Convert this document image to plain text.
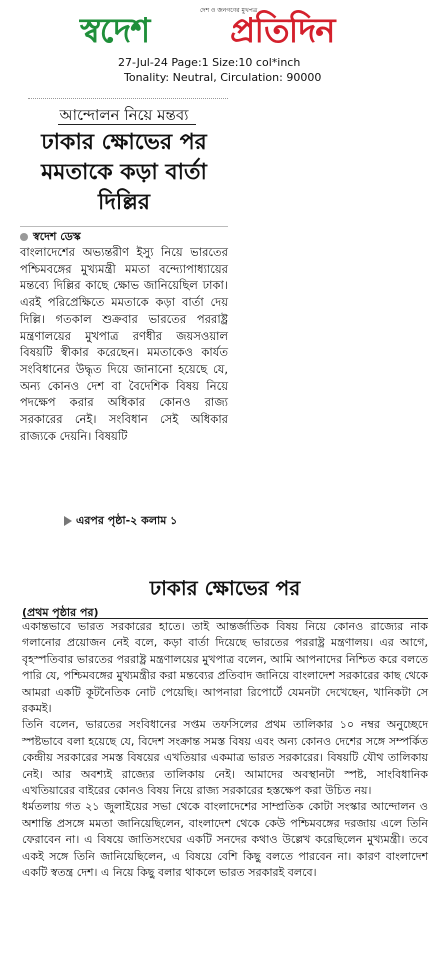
দেশ ও জনগণের মুখপত্র
স্বদেশ প্রতিদিন
27-Jul-24 Page:1 Size:10 col*inch
Tonality: Neutral, Circulation: 90000
আন্দোলন নিয়ে মন্তব্য
ঢাকার ক্ষোভের পর মমতাকে কড়া বার্তা দিল্লির
স্বদেশ ডেস্ক
বাংলাদেশের অভ্যন্তরীণ ইস্যু নিয়ে ভারতের পশ্চিমবঙ্গের মুখ্যমন্ত্রী মমতা বন্দ্যোপাধ্যায়ের মন্তব্যে দিল্লির কাছে ক্ষোভ জানিয়েছিল ঢাকা। এরই পরিপ্রেক্ষিতে মমতাকে কড়া বার্তা দেয় দিল্লি। গতকাল শুক্রবার ভারতের পররাষ্ট্র মন্ত্রণালয়ের মুখপাত্র রণধীর জয়সওয়াল বিষয়টি স্বীকার করেছেন। মমতাকেও কার্যত সংবিধানের উদ্ধৃত দিয়ে জানানো হয়েছে যে, অন্য কোনও দেশ বা বৈদেশিক বিষয় নিয়ে পদক্ষেপ করার অধিকার কোনও রাজ্য সরকারের নেই। সংবিধান সেই অধিকার রাজ্যকে দেয়নি। বিষয়টি
এরপর পৃষ্ঠা-২ কলাম ১
ঢাকার ক্ষোভের পর
(প্রথম পৃষ্ঠার পর)

একান্তভাবে ভারত সরকারের হাতে। তাই আন্তর্জাতিক বিষয় নিয়ে কোনও রাজ্যের নাক গলানোর প্রয়োজন নেই বলে, কড়া বার্তা দিয়েছে ভারতের পররাষ্ট্র মন্ত্রণালয়। এর আগে, বৃহস্পতিবার ভারতের পররাষ্ট্র মন্ত্রণালয়ের মুখপাত্র বলেন, আমি আপনাদের নিশ্চিত করে বলতে পারি যে, পশ্চিমবঙ্গের মুখ্যমন্ত্রীর করা মন্তব্যের প্রতিবাদ জানিয়ে বাংলাদেশ সরকারের কাছ থেকে আমরা একটি কূটনৈতিক নোট পেয়েছি। আপনারা রিপোর্টে যেমনটা দেখেছেন, খানিকটা সে রকমই।

তিনি বলেন, ভারতের সংবিধানের সপ্তম তফসিলের প্রথম তালিকার ১০ নম্বর অনুচ্ছেদে স্পষ্টভাবে বলা হয়েছে যে, বিদেশ সংক্রান্ত সমস্ত বিষয় এবং অন্য কোনও দেশের সঙ্গে সম্পর্কিত কেন্দ্রীয় সরকারের সমস্ত বিষয়ের এখতিয়ার একমাত্র ভারত সরকারের। বিষয়টি যৌথ তালিকায় নেই। আর অবশ্যই রাজ্যের তালিকায় নেই। আমাদের অবস্থানটা স্পষ্ট, সাংবিধানিক এখতিয়ারের বাইরের কোনও বিষয় নিয়ে রাজ্য সরকারের হস্তক্ষেপ করা উচিত নয়।

ধর্মতলায় গত ২১ জুলাইয়ের সভা থেকে বাংলাদেশের সাম্প্রতিক কোটা সংস্কার আন্দোলন ও অশান্তি প্রসঙ্গে মমতা জানিয়েছিলেন, বাংলাদেশ থেকে কেউ পশ্চিমবঙ্গের দরজায় এলে তিনি ফেরাবেন না। এ বিষয়ে জাতিসংঘের একটি সনদের কথাও উল্লেখ করেছিলেন মুখ্যমন্ত্রী। তবে একই সঙ্গে তিনি জানিয়েছিলেন, এ বিষয়ে বেশি কিছু বলতে পারবেন না। কারণ বাংলাদেশ একটি স্বতন্ত্র দেশ। এ নিয়ে কিছু বলার থাকলে ভারত সরকারই বলবে।
